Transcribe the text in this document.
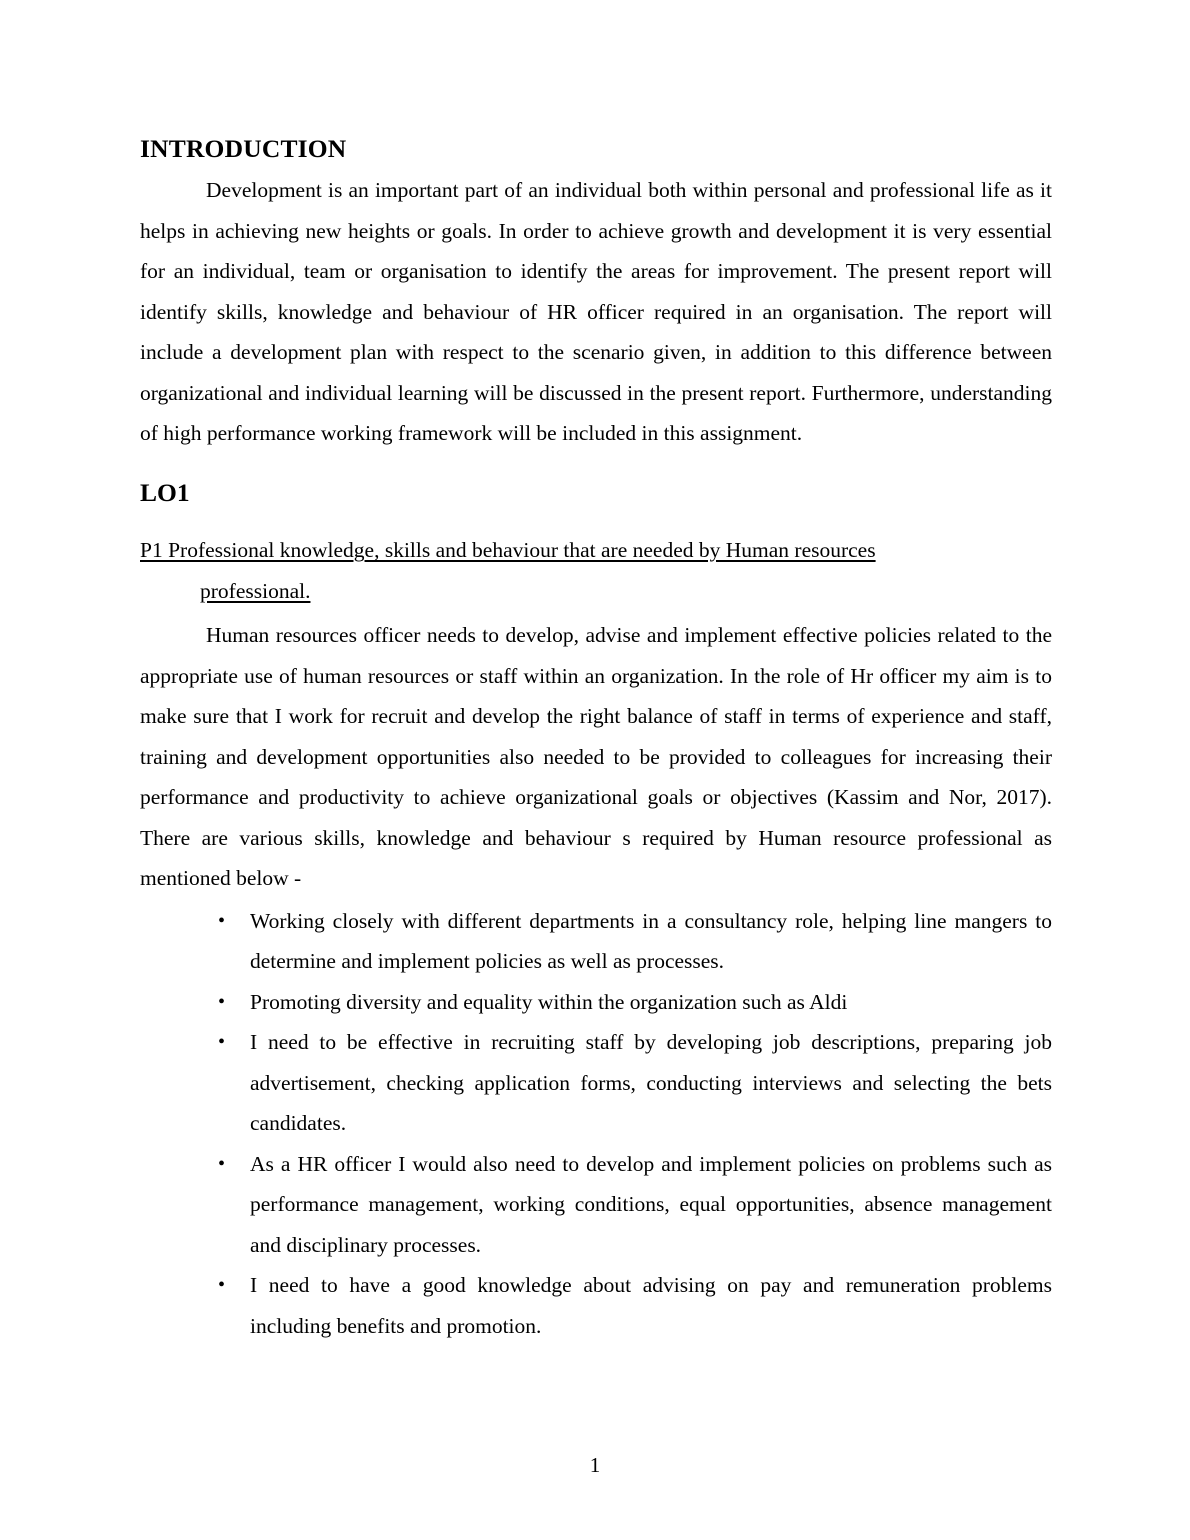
INTRODUCTION

Development is an important part of an individual both within personal and professional life as it helps in achieving new heights or goals. In order to achieve growth and development it is very essential for an individual, team or organisation to identify the areas for improvement. The present report will identify skills, knowledge and behaviour of HR officer required in an organisation. The report will include a development plan with respect to the scenario given, in addition to this difference between organizational and individual learning will be discussed in the present report. Furthermore, understanding of high performance working framework will be included in this assignment.

LO1
P1 Professional knowledge, skills and behaviour that are needed by Human resources
professional.

Human resources officer needs to develop, advise and implement effective policies related to the appropriate use of human resources or staff within an organization. In the role of Hr officer my aim is to make sure that I work for recruit and develop the right balance of staff in terms of experience and staff, training and development opportunities also needed to be provided to colleagues for increasing their performance and productivity to achieve organizational goals or objectives (Kassim and Nor, 2017). There are various skills, knowledge and behaviour s required by Human resource professional as mentioned below -

• Working closely with different departments in a consultancy role, helping line mangers to determine and implement policies as well as processes.
• Promoting diversity and equality within the organization such as Aldi
• I need to be effective in recruiting staff by developing job descriptions, preparing job advertisement, checking application forms, conducting interviews and selecting the bets candidates.
• As a HR officer I would also need to develop and implement policies on problems such as performance management, working conditions, equal opportunities, absence management and disciplinary processes.
• I need to have a good knowledge about advising on pay and remuneration problems including benefits and promotion.
1
